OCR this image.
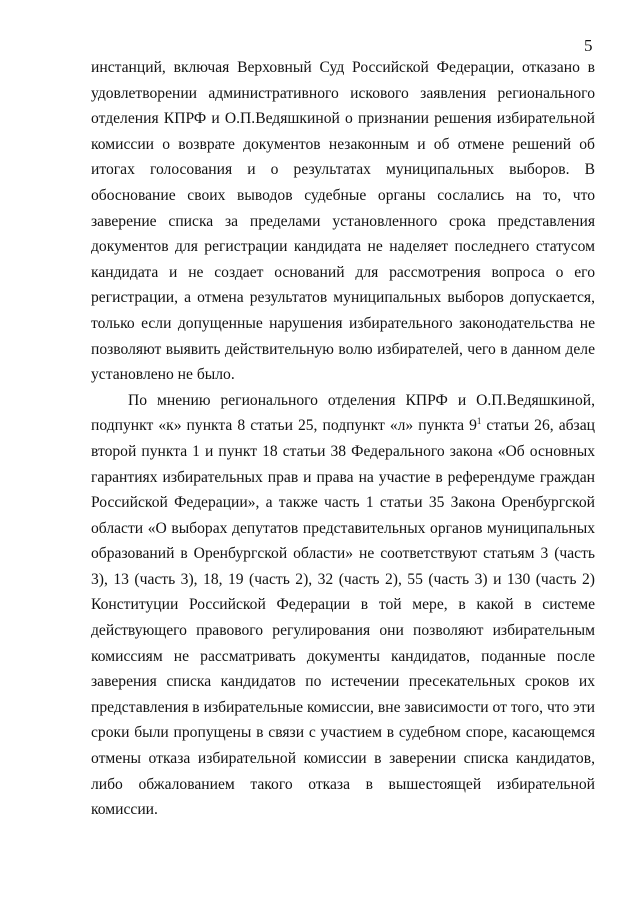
5

инстанций, включая Верховный Суд Российской Федерации, отказано в удовлетворении административного искового заявления регионального отделения КПРФ и О.П.Ведяшкиной о признании решения избирательной комиссии о возврате документов незаконным и об отмене решений об итогах голосования и о результатах муниципальных выборов. В обоснование своих выводов судебные органы сослались на то, что заверение списка за пределами установленного срока представления документов для регистрации кандидата не наделяет последнего статусом кандидата и не создает оснований для рассмотрения вопроса о его регистрации, а отмена результатов муниципальных выборов допускается, только если допущенные нарушения избирательного законодательства не позволяют выявить действительную волю избирателей, чего в данном деле установлено не было.

По мнению регионального отделения КПРФ и О.П.Ведяшкиной, подпункт «к» пункта 8 статьи 25, подпункт «л» пункта $9^1$ статьи 26, абзац второй пункта 1 и пункт 18 статьи 38 Федерального закона «Об основных гарантиях избирательных прав и права на участие в референдуме граждан Российской Федерации», а также часть 1 статьи 35 Закона Оренбургской области «О выборах депутатов представительных органов муниципальных образований в Оренбургской области» не соответствуют статьям 3 (часть 3), 13 (часть 3), 18, 19 (часть 2), 32 (часть 2), 55 (часть 3) и 130 (часть 2) Конституции Российской Федерации в той мере, в какой в системе действующего правового регулирования они позволяют избирательным комиссиям не рассматривать документы кандидатов, поданные после заверения списка кандидатов по истечении пресекательных сроков их представления в избирательные комиссии, вне зависимости от того, что эти сроки были пропущены в связи с участием в судебном споре, касающемся отмены отказа избирательной комиссии в заверении списка кандидатов, либо обжалованием такого отказа в вышестоящей избирательной комиссии.
